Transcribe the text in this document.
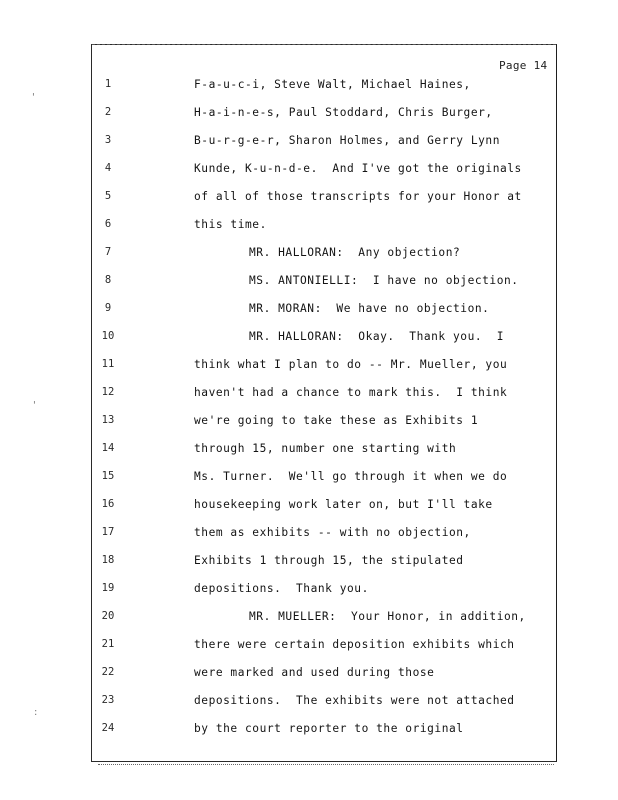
Page 14
1	F-a-u-c-i, Steve Walt, Michael Haines,
2	H-a-i-n-e-s, Paul Stoddard, Chris Burger,
3	B-u-r-g-e-r, Sharon Holmes, and Gerry Lynn
4	Kunde, K-u-n-d-e.  And I've got the originals
5	of all of those transcripts for your Honor at
6	this time.
7	MR. HALLORAN:  Any objection?
8	MS. ANTONIELLI:  I have no objection.
9	MR. MORAN:  We have no objection.
10	MR. HALLORAN:  Okay.  Thank you.  I
11	think what I plan to do -- Mr. Mueller, you
12	haven't had a chance to mark this.  I think
13	we're going to take these as Exhibits 1
14	through 15, number one starting with
15	Ms. Turner.  We'll go through it when we do
16	housekeeping work later on, but I'll take
17	them as exhibits -- with no objection,
18	Exhibits 1 through 15, the stipulated
19	depositions.  Thank you.
20	MR. MUELLER:  Your Honor, in addition,
21	there were certain deposition exhibits which
22	were marked and used during those
23	depositions.  The exhibits were not attached
24	by the court reporter to the original
'
'
:
